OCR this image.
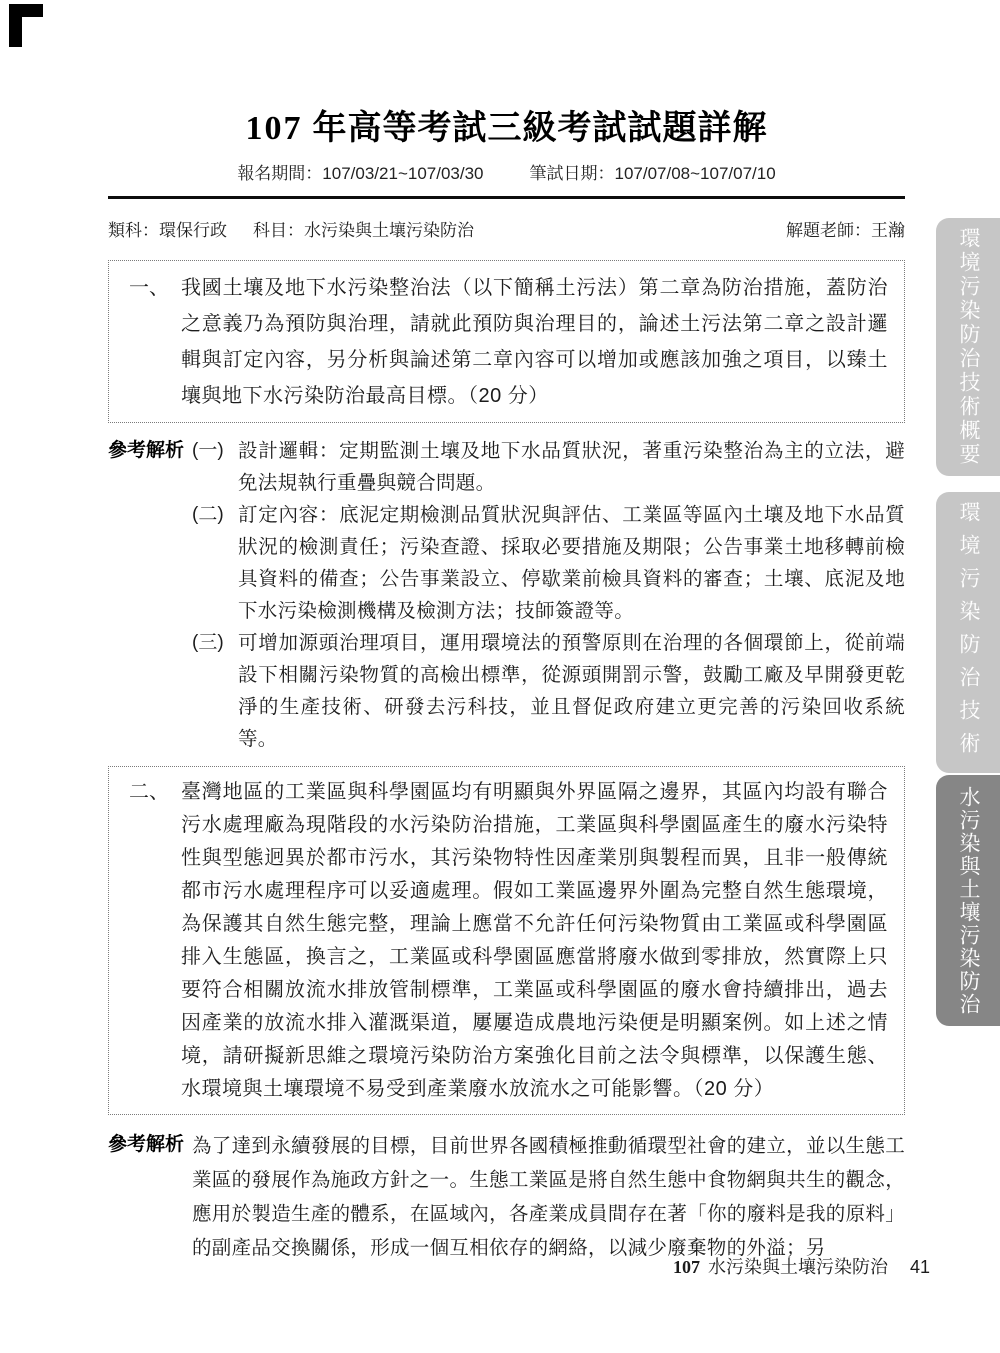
107 年高等考試三級考試試題詳解
報名期間：107/03/21~107/03/30	筆試日期：107/07/08~107/07/10
類科：環保行政 科目：水污染與土壤污染防治	解題老師：王瀚
一、 我國土壤及地下水污染整治法（以下簡稱土污法）第二章為防治措施，蓋防治之意義乃為預防與治理，請就此預防與治理目的，論述土污法第二章之設計邏輯與訂定內容，另分析與論述第二章內容可以增加或應該加強之項目，以臻土壤與地下水污染防治最高目標。（20 分）

參考解析 (一) 設計邏輯：定期監測土壤及地下水品質狀況，著重污染整治為主的立法，避免法規執行重疊與競合問題。

(二) 訂定內容：底泥定期檢測品質狀況與評估、工業區等區內土壤及地下水品質狀況的檢測責任；污染查證、採取必要措施及期限；公告事業土地移轉前檢具資料的備查；公告事業設立、停歇業前檢具資料的審查；土壤、底泥及地下水污染檢測機構及檢測方法；技師簽證等。

(三) 可增加源頭治理項目，運用環境法的預警原則在治理的各個環節上，從前端設下相關污染物質的高檢出標準，從源頭開罰示警，鼓勵工廠及早開發更乾淨的生產技術、研發去污科技，並且督促政府建立更完善的污染回收系統等。

二、 臺灣地區的工業區與科學園區均有明顯與外界區隔之邊界，其區內均設有聯合污水處理廠為現階段的水污染防治措施，工業區與科學園區產生的廢水污染特性與型態迥異於都市污水，其污染物特性因產業別與製程而異，且非一般傳統都市污水處理程序可以妥適處理。假如工業區邊界外圍為完整自然生態環境，為保護其自然生態完整，理論上應當不允許任何污染物質由工業區或科學園區排入生態區，換言之，工業區或科學園區應當將廢水做到零排放，然實際上只要符合相關放流水排放管制標準，工業區或科學園區的廢水會持續排出，過去因產業的放流水排入灌溉渠道，屢屢造成農地污染便是明顯案例。如上述之情境，請研擬新思維之環境污染防治方案強化目前之法令與標準，以保護生態、水環境與土壤環境不易受到產業廢水放流水之可能影響。（20 分）

參考解析 為了達到永續發展的目標，目前世界各國積極推動循環型社會的建立，並以生態工業區的發展作為施政方針之一。生態工業區是將自然生態中食物網與共生的觀念，應用於製造生產的體系，在區域內，各產業成員間存在著「你的廢料是我的原料」的副產品交換關係，形成一個互相依存的網絡，以減少廢棄物的外溢；另

107 水污染與土壤污染防治 41
環境污染防治技術概要
環境污染防治技術
水污染與土壤污染防治
